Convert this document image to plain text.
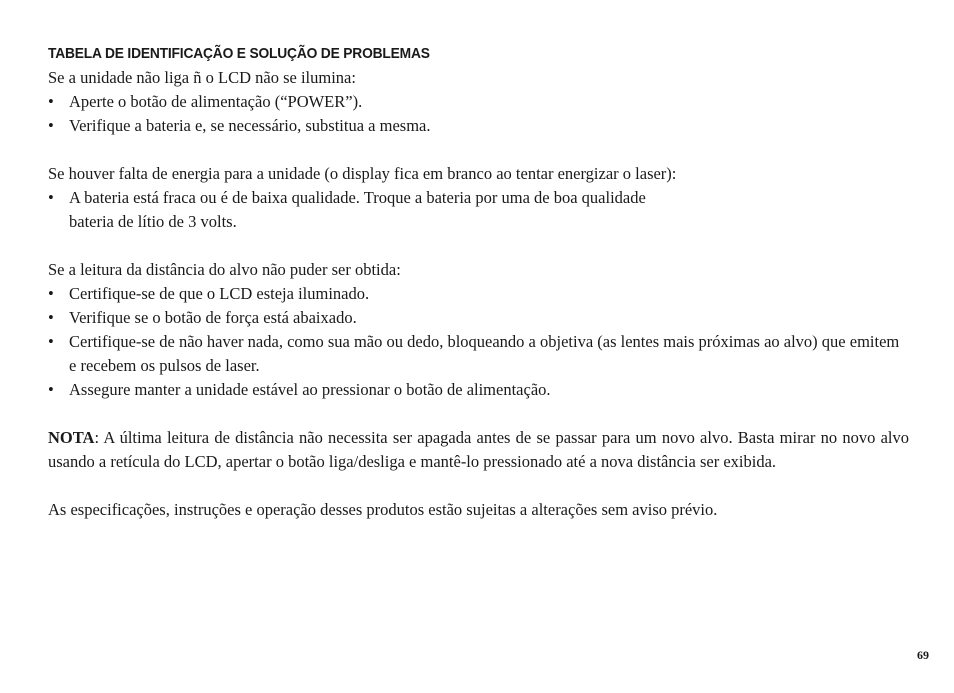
TABELA DE IDENTIFICAÇÃO E SOLUÇÃO DE PROBLEMAS

Se a unidade não liga ñ o LCD não se ilumina:

• Aperte o botão de alimentação (“POWER”).
• Verifique a bateria e, se necessário, substitua a mesma.

Se houver falta de energia para a unidade (o display fica em branco ao tentar energizar o laser):

• A bateria está fraca ou é de baixa qualidade. Troque a bateria por uma de boa qualidade
bateria de lítio de 3 volts.

Se a leitura da distância do alvo não puder ser obtida:

• Certifique-se de que o LCD esteja iluminado.
• Verifique se o botão de força está abaixado.
• Certifique-se de não haver nada, como sua mão ou dedo, bloqueando a objetiva (as lentes mais próximas ao alvo) que emitem e recebem os pulsos de laser.
• Assegure manter a unidade estável ao pressionar o botão de alimentação.

NOTA: A última leitura de distância não necessita ser apagada antes de se passar para um novo alvo. Basta mirar no novo alvo usando a retícula do LCD, apertar o botão liga/desliga e mantê-lo pressionado até a nova distância ser exibida.

As especificações, instruções e operação desses produtos estão sujeitas a alterações sem aviso prévio.

69
